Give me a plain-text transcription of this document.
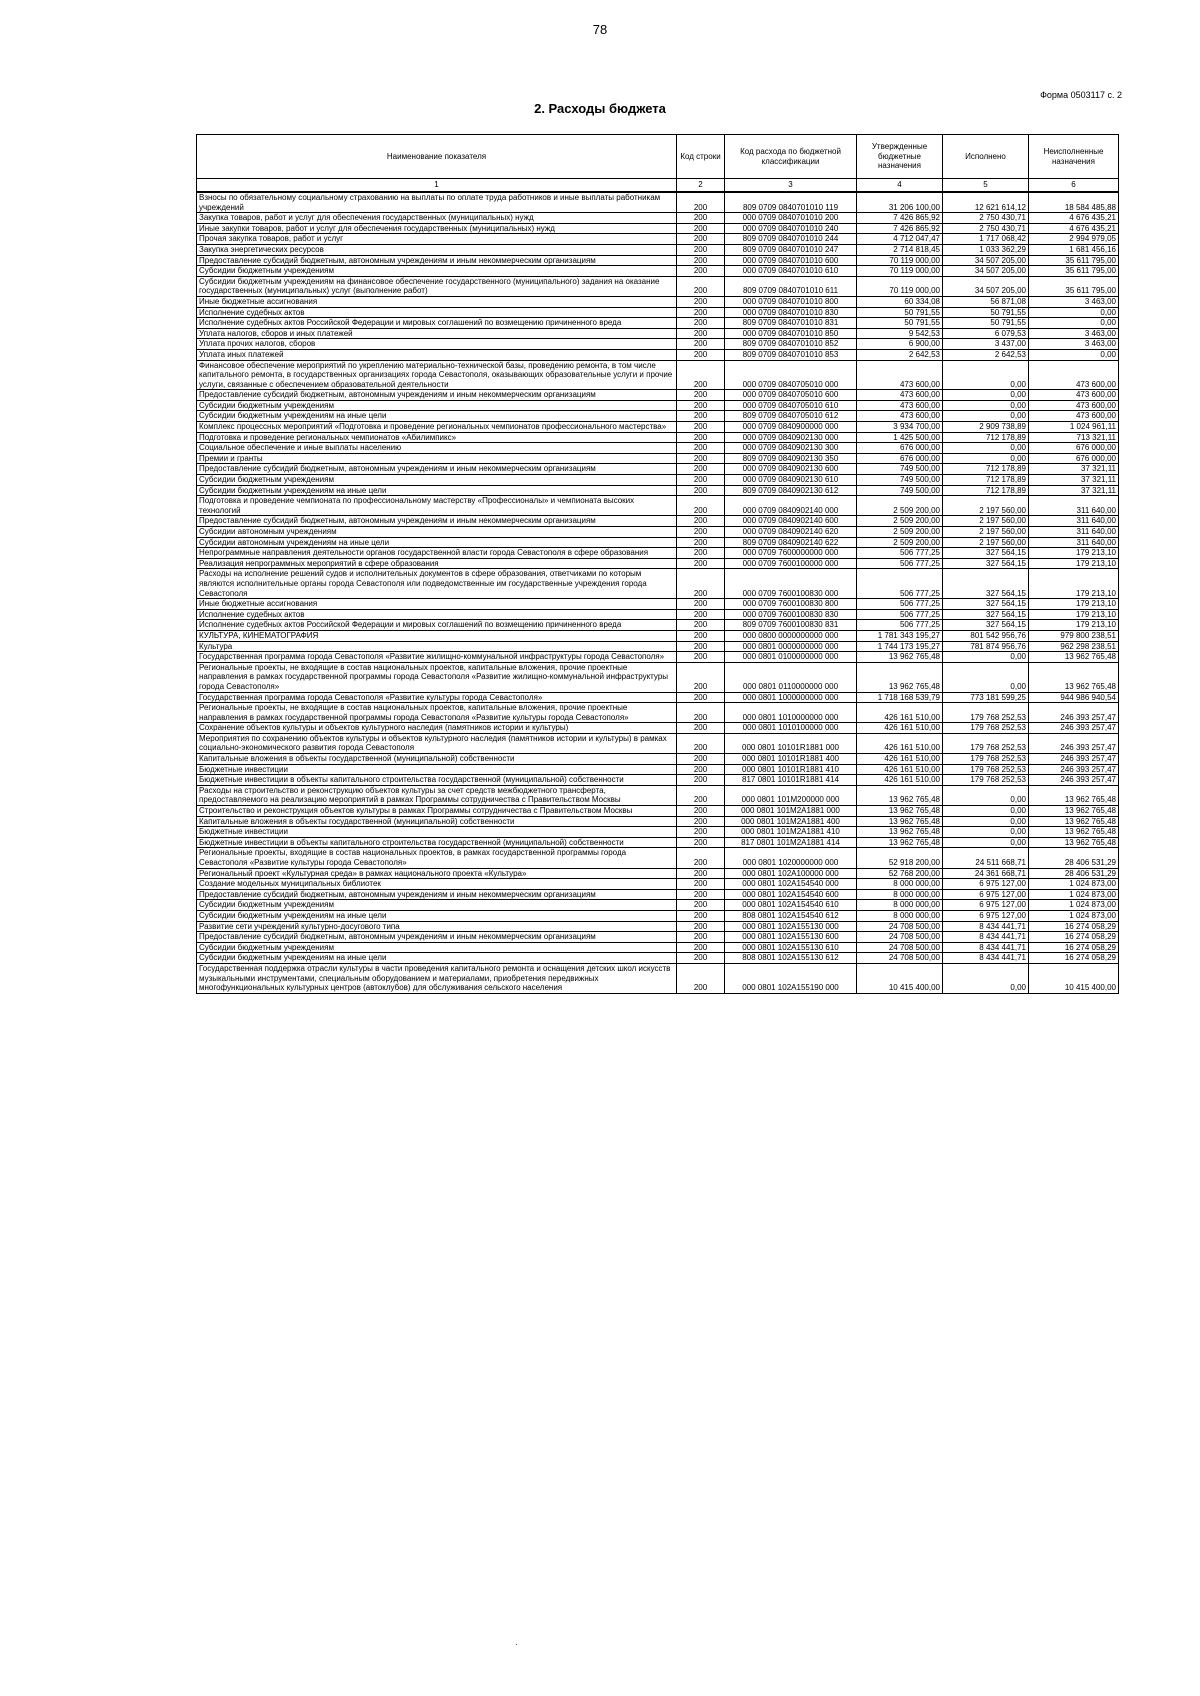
78
Форма 0503117 с. 2
2. Расходы бюджета
Наименование показателя	Код строки	Код расхода по бюджетной классификации	Утвержденные бюджетные назначения	Исполнено	Неисполненные назначения
1	2	3	4	5	6
Взносы по обязательному социальному страхованию на выплаты по оплате труда работников и иные выплаты работникам учреждений	200	809 0709 0840701010 119	31 206 100,00	12 621 614,12	18 584 485,88
Закупка товаров, работ и услуг для обеспечения государственных (муниципальных) нужд	200	000 0709 0840701010 200	7 426 865,92	2 750 430,71	4 676 435,21
Иные закупки товаров, работ и услуг для обеспечения государственных (муниципальных) нужд	200	000 0709 0840701010 240	7 426 865,92	2 750 430,71	4 676 435,21
Прочая закупка товаров, работ и услуг	200	809 0709 0840701010 244	4 712 047,47	1 717 068,42	2 994 979,05
Закупка энергетических ресурсов	200	809 0709 0840701010 247	2 714 818,45	1 033 362,29	1 681 456,16
Предоставление субсидий бюджетным, автономным учреждениям и иным некоммерческим организациям	200	000 0709 0840701010 600	70 119 000,00	34 507 205,00	35 611 795,00
Субсидии бюджетным учреждениям	200	000 0709 0840701010 610	70 119 000,00	34 507 205,00	35 611 795,00
Субсидии бюджетным учреждениям на финансовое обеспечение государственного (муниципального) задания на оказание государственных (муниципальных) услуг (выполнение работ)	200	809 0709 0840701010 611	70 119 000,00	34 507 205,00	35 611 795,00
Иные бюджетные ассигнования	200	000 0709 0840701010 800	60 334,08	56 871,08	3 463,00
Исполнение судебных актов	200	000 0709 0840701010 830	50 791,55	50 791,55	0,00
Исполнение судебных актов Российской Федерации и мировых соглашений по возмещению причиненного вреда	200	809 0709 0840701010 831	50 791,55	50 791,55	0,00
Уплата налогов, сборов и иных платежей	200	000 0709 0840701010 850	9 542,53	6 079,53	3 463,00
Уплата прочих налогов, сборов	200	809 0709 0840701010 852	6 900,00	3 437,00	3 463,00
Уплата иных платежей	200	809 0709 0840701010 853	2 642,53	2 642,53	0,00
Финансовое обеспечение мероприятий по укреплению материально-технической базы, проведению ремонта, в том числе капитального ремонта, в государственных организациях города Севастополя, оказывающих образовательные услуги и прочие услуги, связанные с обеспечением образовательной деятельности	200	000 0709 0840705010 000	473 600,00	0,00	473 600,00
Предоставление субсидий бюджетным, автономным учреждениям и иным некоммерческим организациям	200	000 0709 0840705010 600	473 600,00	0,00	473 600,00
Субсидии бюджетным учреждениям	200	000 0709 0840705010 610	473 600,00	0,00	473 600,00
Субсидии бюджетным учреждениям на иные цели	200	809 0709 0840705010 612	473 600,00	0,00	473 600,00
Комплекс процессных мероприятий «Подготовка и проведение региональных чемпионатов профессионального мастерства»	200	000 0709 0840900000 000	3 934 700,00	2 909 738,89	1 024 961,11
Подготовка и проведение региональных чемпионатов «Абилимпикс»	200	000 0709 0840902130 000	1 425 500,00	712 178,89	713 321,11
Социальное обеспечение и иные выплаты населению	200	000 0709 0840902130 300	676 000,00	0,00	676 000,00
Премии и гранты	200	809 0709 0840902130 350	676 000,00	0,00	676 000,00
Предоставление субсидий бюджетным, автономным учреждениям и иным некоммерческим организациям	200	000 0709 0840902130 600	749 500,00	712 178,89	37 321,11
Субсидии бюджетным учреждениям	200	000 0709 0840902130 610	749 500,00	712 178,89	37 321,11
Субсидии бюджетным учреждениям на иные цели	200	809 0709 0840902130 612	749 500,00	712 178,89	37 321,11
Подготовка и проведение чемпионата по профессиональному мастерству «Профессионалы» и чемпионата высоких технологий	200	000 0709 0840902140 000	2 509 200,00	2 197 560,00	311 640,00
Предоставление субсидий бюджетным, автономным учреждениям и иным некоммерческим организациям	200	000 0709 0840902140 600	2 509 200,00	2 197 560,00	311 640,00
Субсидии автономным учреждениям	200	000 0709 0840902140 620	2 509 200,00	2 197 560,00	311 640,00
Субсидии автономным учреждениям на иные цели	200	809 0709 0840902140 622	2 509 200,00	2 197 560,00	311 640,00
Непрограммные направления деятельности органов государственной власти города Севастополя в сфере образования	200	000 0709 7600000000 000	506 777,25	327 564,15	179 213,10
Реализация непрограммных мероприятий в сфере образования	200	000 0709 7600100000 000	506 777,25	327 564,15	179 213,10
Расходы на исполнение решений судов и исполнительных документов в сфере образования, ответчиками по которым являются исполнительные органы города Севастополя или подведомственные им государственные учреждения города Севастополя	200	000 0709 7600100830 000	506 777,25	327 564,15	179 213,10
Иные бюджетные ассигнования	200	000 0709 7600100830 800	506 777,25	327 564,15	179 213,10
Исполнение судебных актов	200	000 0709 7600100830 830	506 777,25	327 564,15	179 213,10
Исполнение судебных актов Российской Федерации и мировых соглашений по возмещению причиненного вреда	200	809 0709 7600100830 831	506 777,25	327 564,15	179 213,10
КУЛЬТУРА, КИНЕМАТОГРАФИЯ	200	000 0800 0000000000 000	1 781 343 195,27	801 542 956,76	979 800 238,51
Культура	200	000 0801 0000000000 000	1 744 173 195,27	781 874 956,76	962 298 238,51
Государственная программа города Севастополя «Развитие жилищно-коммунальной инфраструктуры города Севастополя»	200	000 0801 0100000000 000	13 962 765,48	0,00	13 962 765,48
Региональные проекты, не входящие в состав национальных проектов, капитальные вложения, прочие проектные направления в рамках государственной программы города Севастополя «Развитие жилищно-коммунальной инфраструктуры города Севастополя»	200	000 0801 0110000000 000	13 962 765,48	0,00	13 962 765,48
Государственная программа города Севастополя «Развитие культуры города Севастополя»	200	000 0801 1000000000 000	1 718 168 539,79	773 181 599,25	944 986 940,54
Региональные проекты, не входящие в состав национальных проектов, капитальные вложения, прочие проектные направления в рамках государственной программы города Севастополя «Развитие культуры города Севастополя»	200	000 0801 1010000000 000	426 161 510,00	179 768 252,53	246 393 257,47
Сохранение объектов культуры и объектов культурного наследия (памятников истории и культуры)	200	000 0801 1010100000 000	426 161 510,00	179 768 252,53	246 393 257,47
Мероприятия по сохранению объектов культуры и объектов культурного наследия (памятников истории и культуры) в рамках социально-экономического развития города Севастополя	200	000 0801 10101R1881 000	426 161 510,00	179 768 252,53	246 393 257,47
Капитальные вложения в объекты государственной (муниципальной) собственности	200	000 0801 10101R1881 400	426 161 510,00	179 768 252,53	246 393 257,47
Бюджетные инвестиции	200	000 0801 10101R1881 410	426 161 510,00	179 768 252,53	246 393 257,47
Бюджетные инвестиции в объекты капитального строительства государственной (муниципальной) собственности	200	817 0801 10101R1881 414	426 161 510,00	179 768 252,53	246 393 257,47
Расходы на строительство и реконструкцию объектов культуры за счет средств межбюджетного трансферта, предоставляемого на реализацию мероприятий в рамках Программы сотрудничества с Правительством Москвы	200	000 0801 101M200000 000	13 962 765,48	0,00	13 962 765,48
Строительство и реконструкция объектов культуры в рамках Программы сотрудничества с Правительством Москвы	200	000 0801 101M2A1881 000	13 962 765,48	0,00	13 962 765,48
Капитальные вложения в объекты государственной (муниципальной) собственности	200	000 0801 101M2A1881 400	13 962 765,48	0,00	13 962 765,48
Бюджетные инвестиции	200	000 0801 101M2A1881 410	13 962 765,48	0,00	13 962 765,48
Бюджетные инвестиции в объекты капитального строительства государственной (муниципальной) собственности	200	817 0801 101M2A1881 414	13 962 765,48	0,00	13 962 765,48
Региональные проекты, входящие в состав национальных проектов, в рамках государственной программы города Севастополя «Развитие культуры города Севастополя»	200	000 0801 1020000000 000	52 918 200,00	24 511 668,71	28 406 531,29
Региональный проект «Культурная среда» в рамках национального проекта «Культура»	200	000 0801 102A100000 000	52 768 200,00	24 361 668,71	28 406 531,29
Создание модельных муниципальных библиотек	200	000 0801 102A154540 000	8 000 000,00	6 975 127,00	1 024 873,00
Предоставление субсидий бюджетным, автономным учреждениям и иным некоммерческим организациям	200	000 0801 102A154540 600	8 000 000,00	6 975 127,00	1 024 873,00
Субсидии бюджетным учреждениям	200	000 0801 102A154540 610	8 000 000,00	6 975 127,00	1 024 873,00
Субсидии бюджетным учреждениям на иные цели	200	808 0801 102A154540 612	8 000 000,00	6 975 127,00	1 024 873,00
Развитие сети учреждений культурно-досугового типа	200	000 0801 102A155130 000	24 708 500,00	8 434 441,71	16 274 058,29
Предоставление субсидий бюджетным, автономным учреждениям и иным некоммерческим организациям	200	000 0801 102A155130 600	24 708 500,00	8 434 441,71	16 274 058,29
Субсидии бюджетным учреждениям	200	000 0801 102A155130 610	24 708 500,00	8 434 441,71	16 274 058,29
Субсидии бюджетным учреждениям на иные цели	200	808 0801 102A155130 612	24 708 500,00	8 434 441,71	16 274 058,29
Государственная поддержка отрасли культуры в части проведения капитального ремонта и оснащения детских школ искусств музыкальными инструментами, специальным оборудованием и материалами, приобретения передвижных многофункциональных культурных центров (автоклубов) для обслуживания сельского населения	200	000 0801 102A155190 000	10 415 400,00	0,00	10 415 400,00
·
